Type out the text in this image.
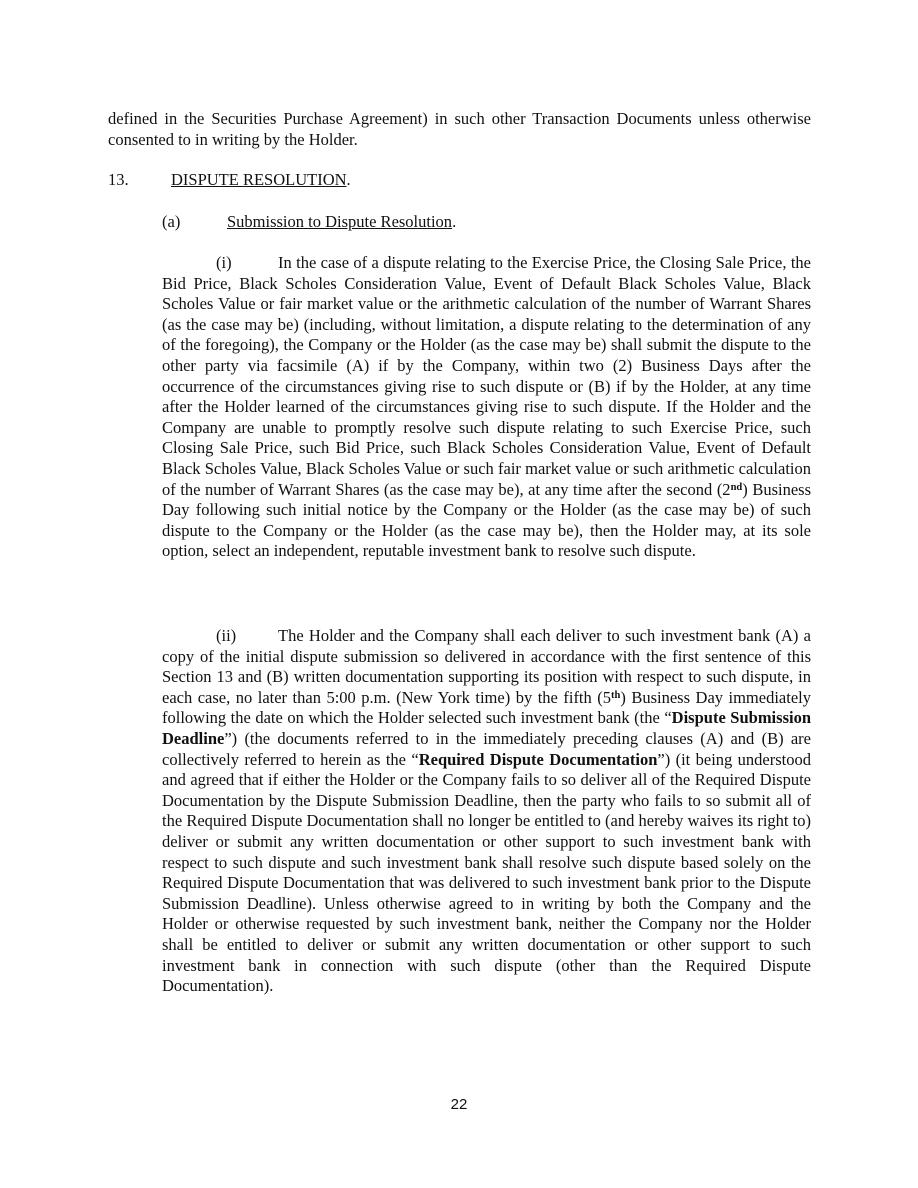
defined in the Securities Purchase Agreement) in such other Transaction Documents unless otherwise consented to in writing by the Holder.

13.	DISPUTE RESOLUTION.
(a)	Submission to Dispute Resolution.

(i)	In the case of a dispute relating to the Exercise Price, the Closing Sale Price, the Bid Price, Black Scholes Consideration Value, Event of Default Black Scholes Value, Black Scholes Value or fair market value or the arithmetic calculation of the number of Warrant Shares (as the case may be) (including, without limitation, a dispute relating to the determination of any of the foregoing), the Company or the Holder (as the case may be) shall submit the dispute to the other party via facsimile (A) if by the Company, within two (2) Business Days after the occurrence of the circumstances giving rise to such dispute or (B) if by the Holder, at any time after the Holder learned of the circumstances giving rise to such dispute. If the Holder and the Company are unable to promptly resolve such dispute relating to such Exercise Price, such Closing Sale Price, such Bid Price, such Black Scholes Consideration Value, Event of Default Black Scholes Value, Black Scholes Value or such fair market value or such arithmetic calculation of the number of Warrant Shares (as the case may be), at any time after the second (2nd) Business Day following such initial notice by the Company or the Holder (as the case may be) of such dispute to the Company or the Holder (as the case may be), then the Holder may, at its sole option, select an independent, reputable investment bank to resolve such dispute.

(ii)	The Holder and the Company shall each deliver to such investment bank (A) a copy of the initial dispute submission so delivered in accordance with the first sentence of this Section 13 and (B) written documentation supporting its position with respect to such dispute, in each case, no later than 5:00 p.m. (New York time) by the fifth (5th) Business Day immediately following the date on which the Holder selected such investment bank (the “Dispute Submission Deadline”) (the documents referred to in the immediately preceding clauses (A) and (B) are collectively referred to herein as the “Required Dispute Documentation”) (it being understood and agreed that if either the Holder or the Company fails to so deliver all of the Required Dispute Documentation by the Dispute Submission Deadline, then the party who fails to so submit all of the Required Dispute Documentation shall no longer be entitled to (and hereby waives its right to) deliver or submit any written documentation or other support to such investment bank with respect to such dispute and such investment bank shall resolve such dispute based solely on the Required Dispute Documentation that was delivered to such investment bank prior to the Dispute Submission Deadline). Unless otherwise agreed to in writing by both the Company and the Holder or otherwise requested by such investment bank, neither the Company nor the Holder shall be entitled to deliver or submit any written documentation or other support to such investment bank in connection with such dispute (other than the Required Dispute Documentation).

22
